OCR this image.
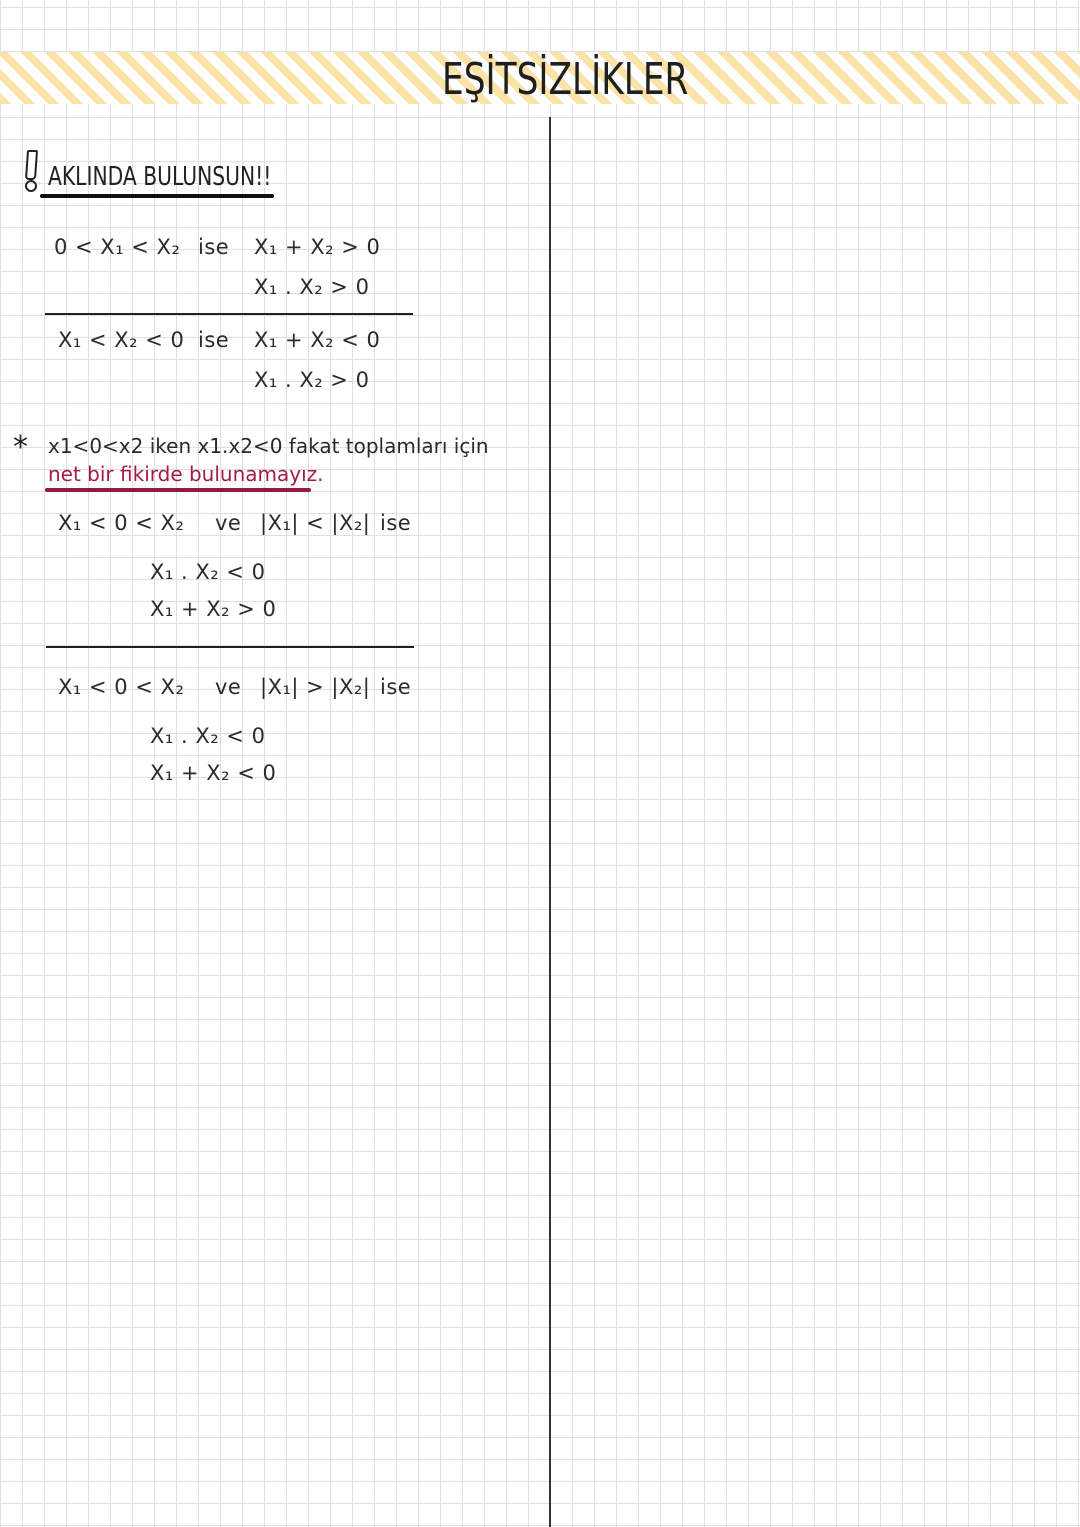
EŞİTSİZLİKLER
AKLINDA BULUNSUN!!
0 < X₁ < X₂ ise X₁ + X₂ > 0
X₁ . X₂ > 0
X₁ < X₂ < 0 ise X₁ + X₂ < 0
X₁ . X₂ > 0
* x1<0<x2 iken x1.x2<0 fakat toplamları için
net bir fikirde bulunamayız.
X₁ < 0 < X₂ ve |X₁| < |X₂| ise
X₁ . X₂ < 0
X₁ + X₂ > 0
X₁ < 0 < X₂ ve |X₁| > |X₂| ise
X₁ . X₂ < 0
X₁ + X₂ < 0
